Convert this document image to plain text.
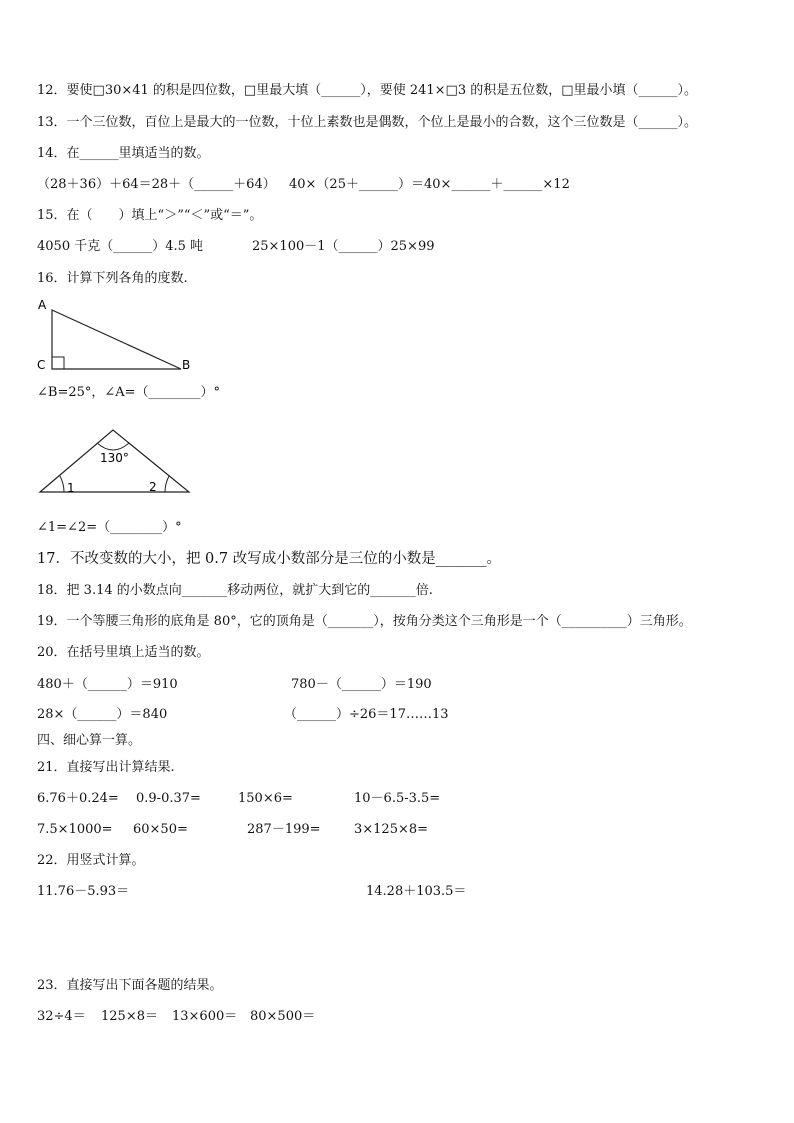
12．要使□30×41 的积是四位数，□里最大填（______），要使 241×□3 的积是五位数，□里最小填（______）。
13．一个三位数，百位上是最大的一位数，十位上素数也是偶数，个位上是最小的合数，这个三位数是（______）。
14．在______里填适当的数。
（28＋36）＋64＝28＋（______＋64） 40×（25＋______）＝40×______＋______×12
15．在（　　）填上“＞”“＜”或“＝”。
4050 千克（______）4.5 吨	25×100－1（______）25×99
16．计算下列各角的度数.
A
C	B
∠B=25°，∠A=（________）°
130°
1	2
∠1=∠2=（________）°
17．不改变数的大小，把 0.7 改写成小数部分是三位的小数是_______。
18．把 3.14 的小数点向_______移动两位，就扩大到它的_______倍.
19．一个等腰三角形的底角是 80°，它的顶角是（_______），按角分类这个三角形是一个（__________）三角形。
20．在括号里填上适当的数。
480＋（______）＝910	780－（______）＝190
28×（______）＝840	（______）÷26＝17……13
四、细心算一算。
21．直接写出计算结果.
6.76＋0.24= 0.9-0.37=	150×6=	10－6.5-3.5=
7.5×1000= 60×50=	287－199=	3×125×8=
22．用竖式计算。
11.76－5.93＝	14.28＋103.5＝
23．直接写出下面各题的结果。
32÷4＝ 125×8＝ 13×600＝ 80×500＝
